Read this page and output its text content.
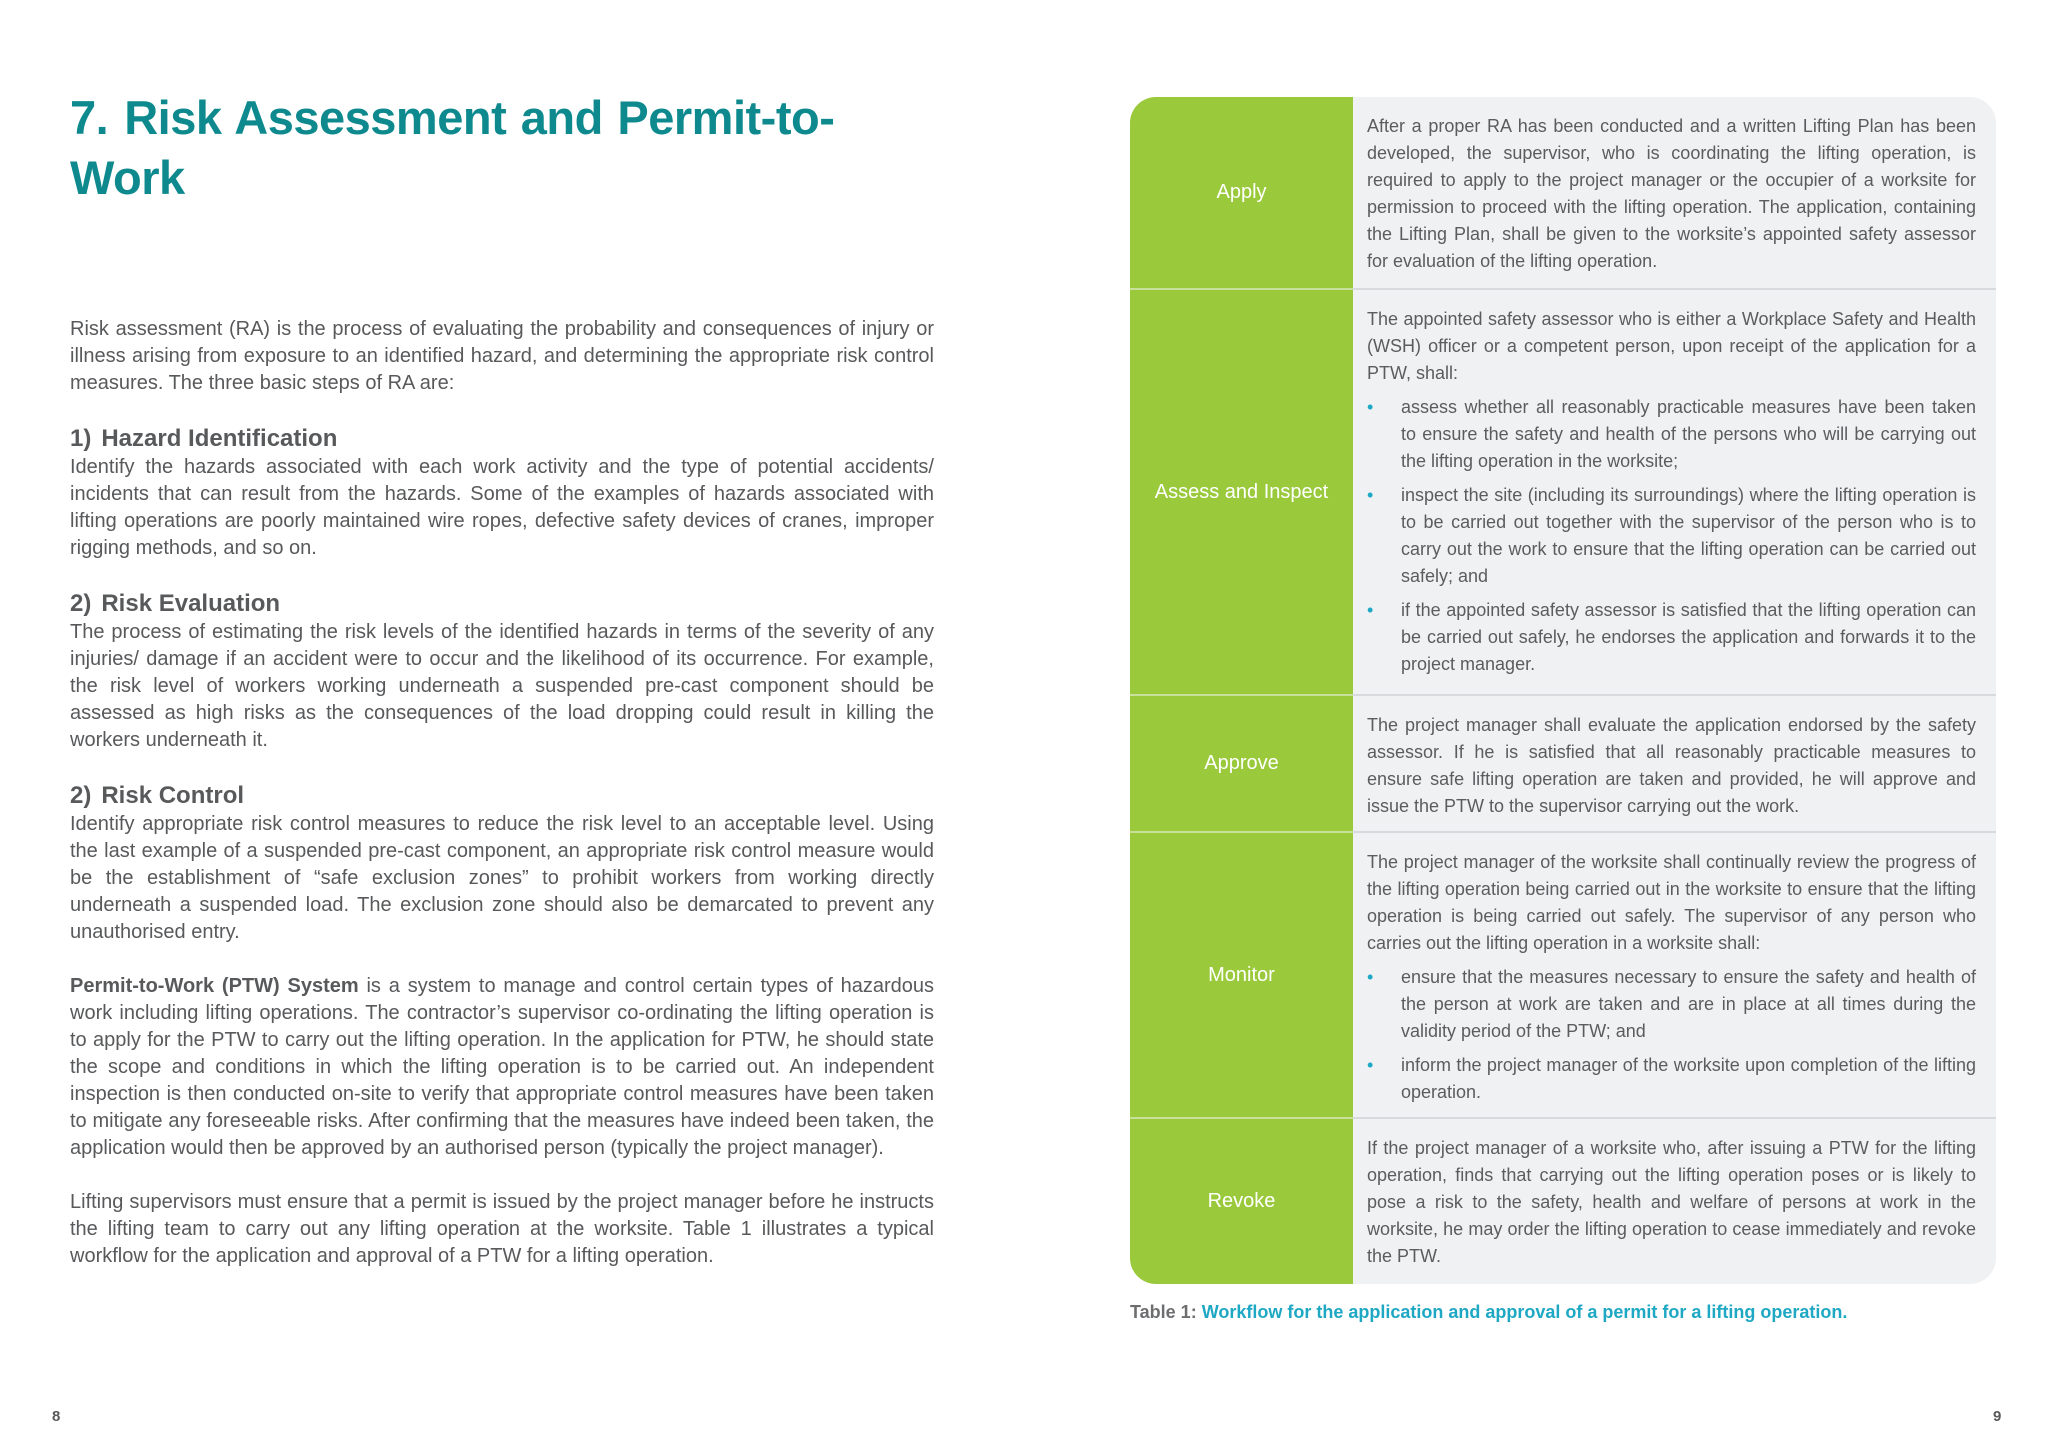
7. Risk Assessment and Permit-to-Work

Risk assessment (RA) is the process of evaluating the probability and consequences of injury or illness arising from exposure to an identified hazard, and determining the appropriate risk control measures. The three basic steps of RA are:

1) Hazard Identification

Identify the hazards associated with each work activity and the type of potential accidents/ incidents that can result from the hazards. Some of the examples of hazards associated with lifting operations are poorly maintained wire ropes, defective safety devices of cranes, improper rigging methods, and so on.

2) Risk Evaluation

The process of estimating the risk levels of the identified hazards in terms of the severity of any injuries/ damage if an accident were to occur and the likelihood of its occurrence. For example, the risk level of workers working underneath a suspended pre-cast component should be assessed as high risks as the consequences of the load dropping could result in killing the workers underneath it.

2) Risk Control

Identify appropriate risk control measures to reduce the risk level to an acceptable level. Using the last example of a suspended pre-cast component, an appropriate risk control measure would be the establishment of “safe exclusion zones” to prohibit workers from working directly underneath a suspended load. The exclusion zone should also be demarcated to prevent any unauthorised entry.

Permit-to-Work (PTW) System is a system to manage and control certain types of hazardous work including lifting operations. The contractor’s supervisor co-ordinating the lifting operation is to apply for the PTW to carry out the lifting operation. In the application for PTW, he should state the scope and conditions in which the lifting operation is to be carried out. An independent inspection is then conducted on-site to verify that appropriate control measures have been taken to mitigate any foreseeable risks. After confirming that the measures have indeed been taken, the application would then be approved by an authorised person (typically the project manager).

Lifting supervisors must ensure that a permit is issued by the project manager before he instructs the lifting team to carry out any lifting operation at the worksite. Table 1 illustrates a typical workflow for the application and approval of a PTW for a lifting operation.

Apply

After a proper RA has been conducted and a written Lifting Plan has been developed, the supervisor, who is coordinating the lifting operation, is required to apply to the project manager or the occupier of a worksite for permission to proceed with the lifting operation. The application, containing the Lifting Plan, shall be given to the worksite’s appointed safety assessor for evaluation of the lifting operation.

Assess and Inspect

The appointed safety assessor who is either a Workplace Safety and Health (WSH) officer or a competent person, upon receipt of the application for a PTW, shall:

• assess whether all reasonably practicable measures have been taken to ensure the safety and health of the persons who will be carrying out the lifting operation in the worksite;
• inspect the site (including its surroundings) where the lifting operation is to be carried out together with the supervisor of the person who is to carry out the work to ensure that the lifting operation can be carried out safely; and
• if the appointed safety assessor is satisfied that the lifting operation can be carried out safely, he endorses the application and forwards it to the project manager.
Approve

The project manager shall evaluate the application endorsed by the safety assessor. If he is satisfied that all reasonably practicable measures to ensure safe lifting operation are taken and provided, he will approve and issue the PTW to the supervisor carrying out the work.

Monitor

The project manager of the worksite shall continually review the progress of the lifting operation being carried out in the worksite to ensure that the lifting operation is being carried out safely. The supervisor of any person who carries out the lifting operation in a worksite shall:

• ensure that the measures necessary to ensure the safety and health of the person at work are taken and are in place at all times during the validity period of the PTW; and
• inform the project manager of the worksite upon completion of the lifting operation.
Revoke

If the project manager of a worksite who, after issuing a PTW for the lifting operation, finds that carrying out the lifting operation poses or is likely to pose a risk to the safety, health and welfare of persons at work in the worksite, he may order the lifting operation to cease immediately and revoke the PTW.

Table 1: Workflow for the application and approval of a permit for a lifting operation.

8	9
